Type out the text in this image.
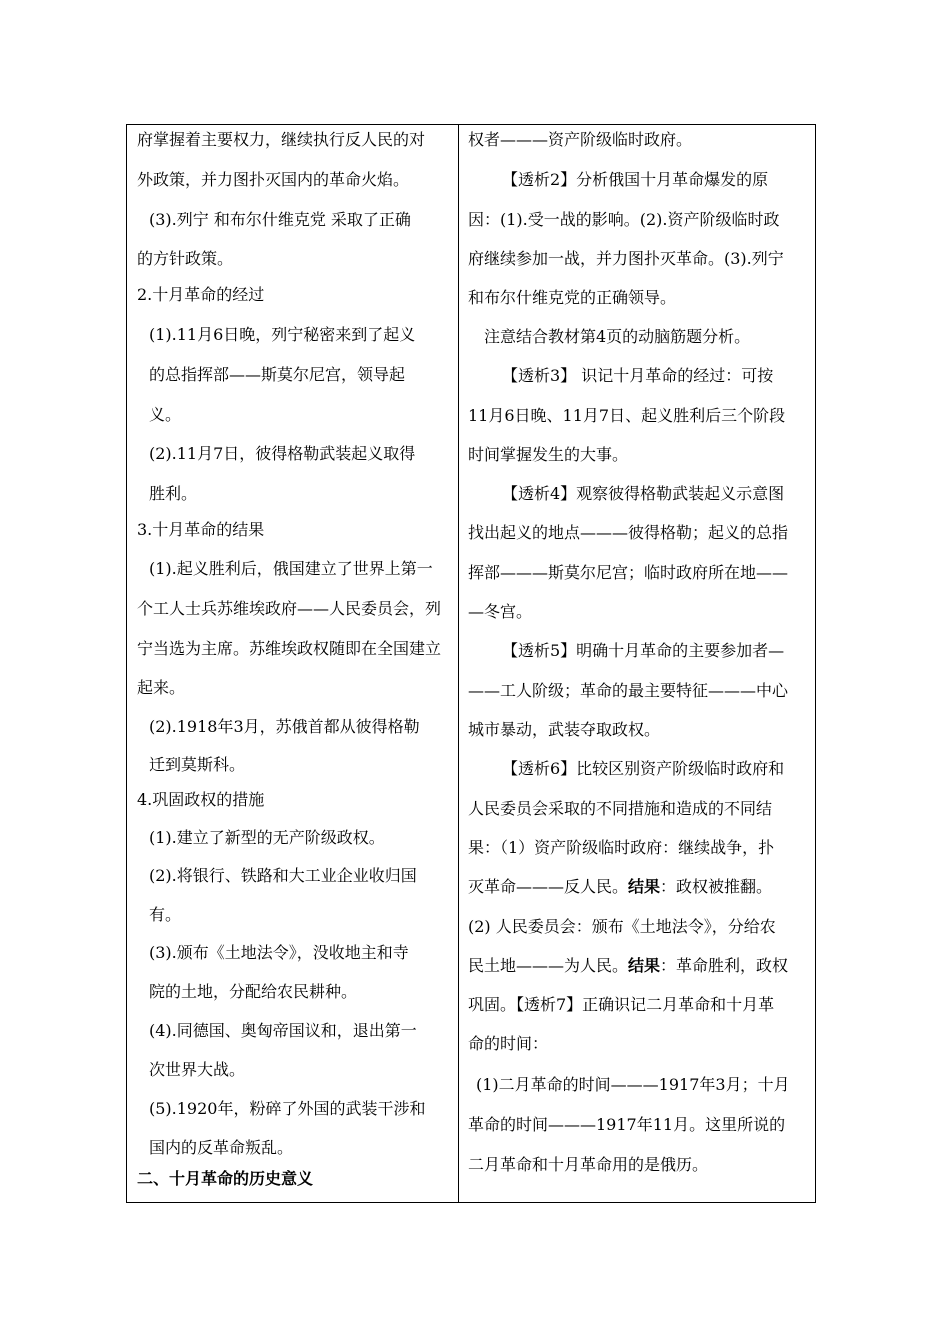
府掌握着主要权力，继续执行反人民的对
外政策，并力图扑灭国内的革命火焰。
(3).列宁 和布尔什维克党 采取了正确
的方针政策。
2.十月革命的经过
(1).11月6日晚，列宁秘密来到了起义
的总指挥部——斯莫尔尼宫，领导起
义。
(2).11月7日，彼得格勒武装起义取得
胜利。
3.十月革命的结果
(1).起义胜利后，俄国建立了世界上第一
个工人士兵苏维埃政府——人民委员会，列
宁当选为主席。苏维埃政权随即在全国建立
起来。
(2).1918年3月，苏俄首都从彼得格勒
迁到莫斯科。
4.巩固政权的措施
(1).建立了新型的无产阶级政权。
(2).将银行、铁路和大工业企业收归国
有。
(3).颁布《土地法令》，没收地主和寺
院的土地，分配给农民耕种。
(4).同德国、奥匈帝国议和，退出第一
次世界大战。
(5).1920年，粉碎了外国的武装干涉和
国内的反革命叛乱。
二、十月革命的历史意义
权者———资产阶级临时政府。
【透析2】分析俄国十月革命爆发的原
因：(1).受一战的影响。(2).资产阶级临时政
府继续参加一战，并力图扑灭革命。(3).列宁
和布尔什维克党的正确领导。
注意结合教材第4页的动脑筋题分析。
【透析3】 识记十月革命的经过：可按
11月6日晚、11月7日、起义胜利后三个阶段
时间掌握发生的大事。
【透析4】观察彼得格勒武装起义示意图
找出起义的地点———彼得格勒；起义的总指
挥部———斯莫尔尼宫；临时政府所在地——
—冬宫。
【透析5】明确十月革命的主要参加者—
——工人阶级；革命的最主要特征———中心
城市暴动，武装夺取政权。
【透析6】比较区别资产阶级临时政府和
人民委员会采取的不同措施和造成的不同结
果：（1）资产阶级临时政府：继续战争，扑
灭革命———反人民。结果：政权被推翻。
(2) 人民委员会：颁布《土地法令》，分给农
民土地———为人民。结果：革命胜利，政权
巩固。【透析7】正确识记二月革命和十月革
命的时间：
(1)二月革命的时间———1917年3月；十月
革命的时间———1917年11月。这里所说的
二月革命和十月革命用的是俄历。
